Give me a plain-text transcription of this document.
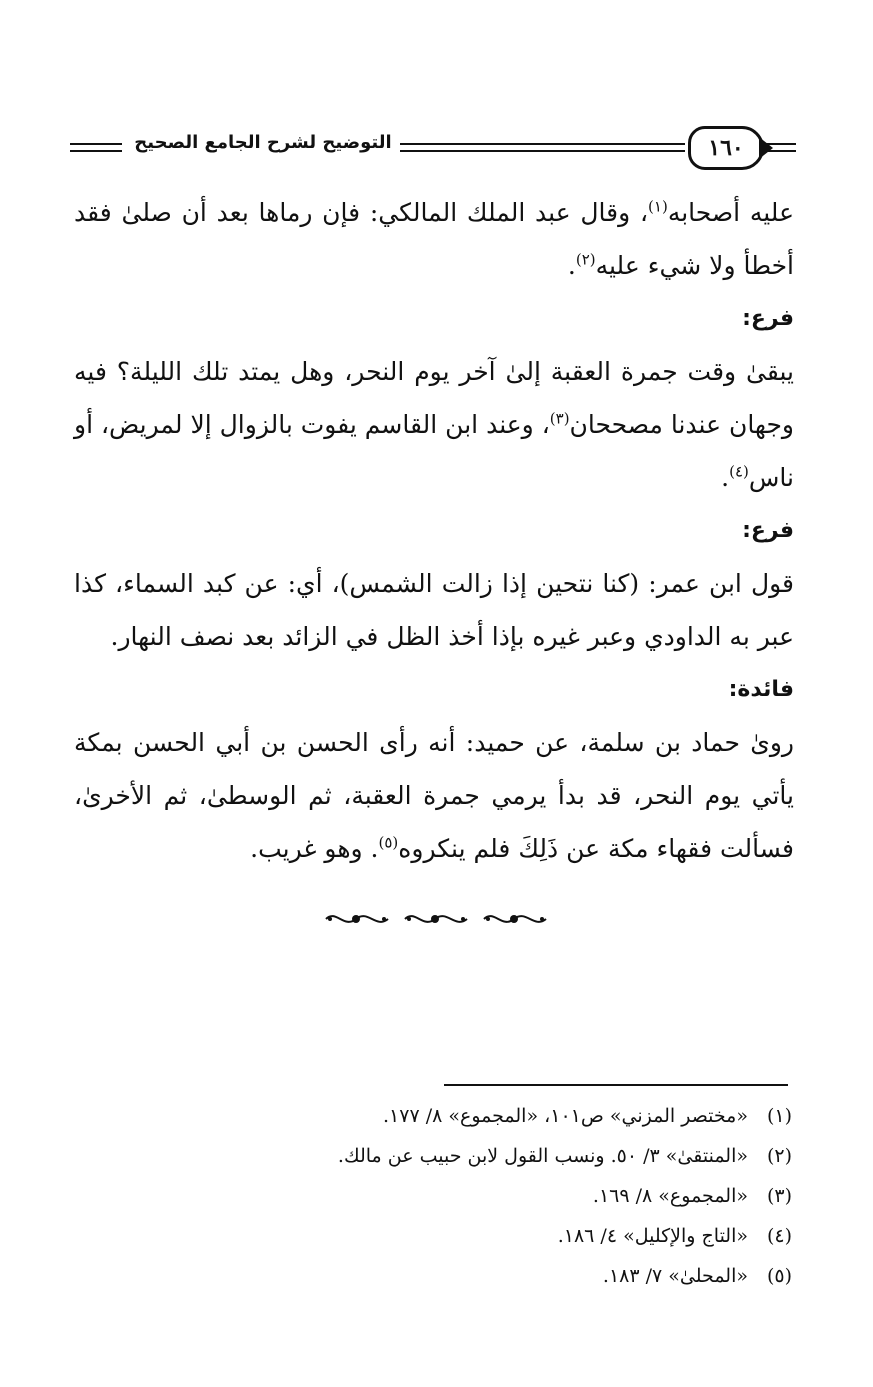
التوضيح لشرح الجامع الصحيح	١٦٠

عليه أصحابه$^{(١)}$، وقال عبد الملك المالكي: فإن رماها بعد أن صلىٰ فقد أخطأ ولا شيء عليه$^{(٢)}$.

فرع:

يبقىٰ وقت جمرة العقبة إلىٰ آخر يوم النحر، وهل يمتد تلك الليلة؟ فيه وجهان عندنا مصححان$^{(٣)}$، وعند ابن القاسم يفوت بالزوال إلا لمريض، أو ناس$^{(٤)}$.

فرع:

قول ابن عمر: (كنا نتحين إذا زالت الشمس)، أي: عن كبد السماء، كذا عبر به الداودي وعبر غيره بإذا أخذ الظل في الزائد بعد نصف النهار.

فائدة:

روىٰ حماد بن سلمة، عن حميد: أنه رأى الحسن بن أبي الحسن بمكة يأتي يوم النحر، قد بدأ يرمي جمرة العقبة، ثم الوسطىٰ، ثم الأخرىٰ، فسألت فقهاء مكة عن ذَلِكَ فلم ينكروه$^{(٥)}$. وهو غريب.

(١)
«مختصر المزني» ص١٠١، «المجموع» ٨/ ١٧٧.
(٢)
«المنتقىٰ» ٣/ ٥٠. ونسب القول لابن حبيب عن مالك.
(٣)
«المجموع» ٨/ ١٦٩.
(٤)
«التاج والإكليل» ٤/ ١٨٦.
(٥)
«المحلىٰ» ٧/ ١٨٣.
